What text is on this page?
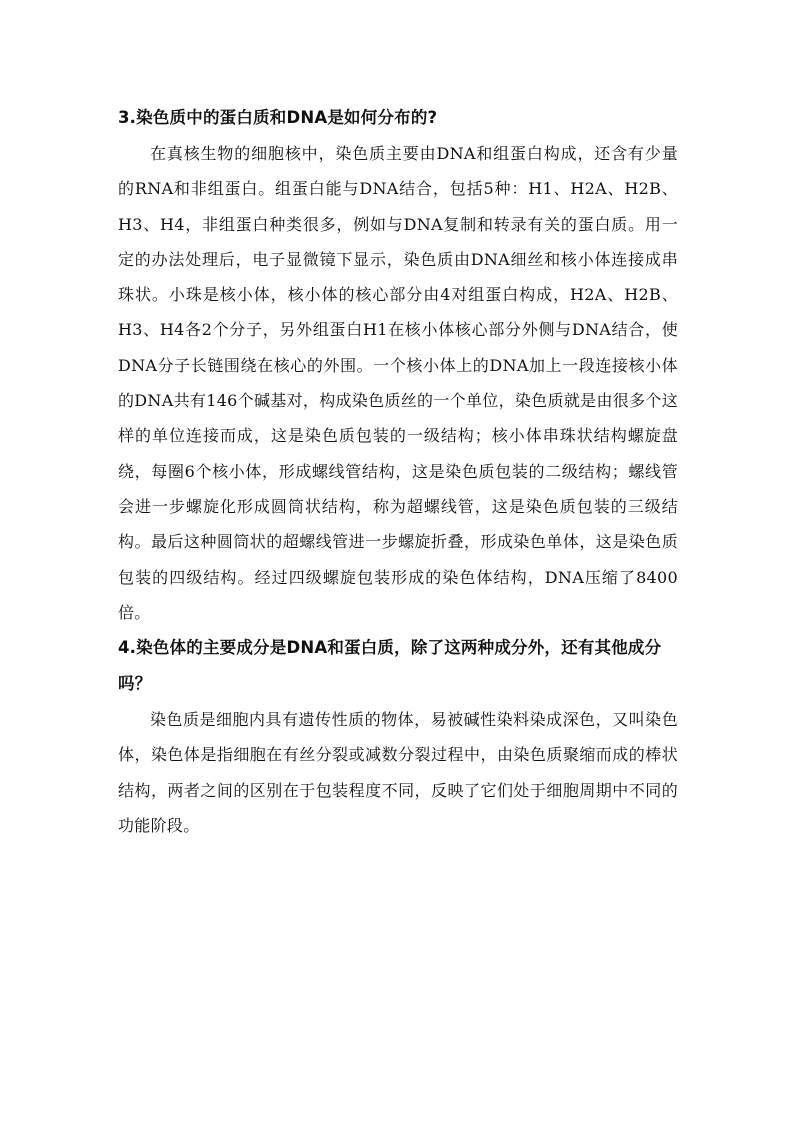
3.染色质中的蛋白质和DNA是如何分布的?

在真核生物的细胞核中，染色质主要由DNA和组蛋白构成，还含有少量的RNA和非组蛋白。组蛋白能与DNA结合，包括5种：H1、H2A、H2B、H3、H4，非组蛋白种类很多，例如与DNA复制和转录有关的蛋白质。用一定的办法处理后，电子显微镜下显示，染色质由DNA细丝和核小体连接成串珠状。小珠是核小体，核小体的核心部分由4对组蛋白构成，H2A、H2B、H3、H4各2个分子，另外组蛋白H1在核小体核心部分外侧与DNA结合，使DNA分子长链围绕在核心的外围。一个核小体上的DNA加上一段连接核小体的DNA共有146个碱基对，构成染色质丝的一个单位，染色质就是由很多个这样的单位连接而成，这是染色质包装的一级结构；核小体串珠状结构螺旋盘绕，每圈6个核小体，形成螺线管结构，这是染色质包装的二级结构；螺线管会进一步螺旋化形成圆筒状结构，称为超螺线管，这是染色质包装的三级结构。最后这种圆筒状的超螺线管进一步螺旋折叠，形成染色单体，这是染色质包装的四级结构。经过四级螺旋包装形成的染色体结构，DNA压缩了8400倍。

4.染色体的主要成分是DNA和蛋白质，除了这两种成分外，还有其他成分吗？

染色质是细胞内具有遗传性质的物体，易被碱性染料染成深色，又叫染色体，染色体是指细胞在有丝分裂或减数分裂过程中，由染色质聚缩而成的棒状结构，两者之间的区别在于包装程度不同，反映了它们处于细胞周期中不同的功能阶段。
